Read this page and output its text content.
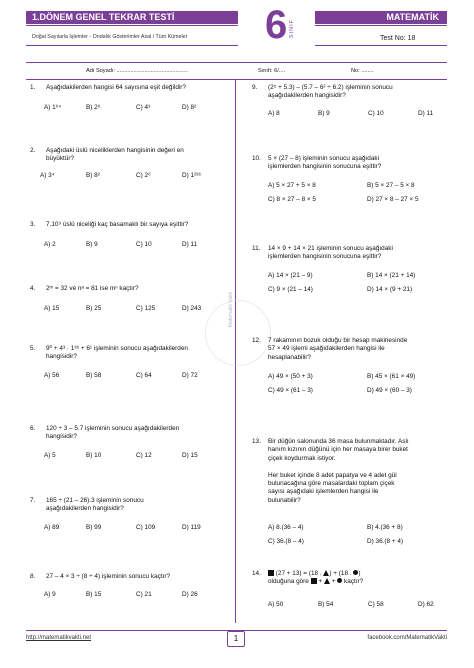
1.DÖNEM GENEL TEKRAR TESTİ
Doğal Sayılarla İşlemler - Ondalık Gösterimler Asal / Tüm Kümeler 6 SINIF
MATEMATİK
Test No: 18
Adı Soyadı: ..............................................	Sınıfı: 6/....	No: ........
Matematik Vakti
1. Aşağıdakilerden hangisi 64 sayısına eşit değildir?
A) 1⁶⁴	B) 2⁶	C) 4³	D) 8²
2. Aşağıdaki üslü niceliklerden hangisinin değeri en
büyüktür?
A) 3⁴	B) 8²	C) 2⁶	D) 1²³⁶
3. 7.10⁹ üslü niceliği kaç basamaklı bir sayıya eşittir?
A) 2	B) 9	C) 10	D) 11
4. 2ᵐ = 32 ve nᵃ = 81 ise mⁿ kaçtır?
A) 15	B) 25	C) 125	D) 243
5. 9⁰ + 4³ · 1³⁶ + 6¹ işleminin sonucu aşağıdakilerden
hangisidir?
A) 56	B) 58	C) 64	D) 72
6. 120 ÷ 3 – 5.7 işleminin sonucu aşağıdakilerden
hangisidir?
A) 5	B) 10	C) 12	D) 15
7. 165 ÷ (21 – 26).3 işleminin sonucu
aşağıdakilerden hangisidir?
A) 89	B) 99	C) 109	D) 119
8. 27 – 4 × 3 ÷ (8 ÷ 4) işleminin sonucu kaçtır?
A) 9	B) 15	C) 21	D) 26
9. (2⁵ + 5.3) – (5.7 – 6² ÷ 6.2) işleminin sonucu
aşağıdakilerden hangisidir?
A) 8	B) 9	C) 10	D) 11
10. 5 × (27 – 8) işleminin sonucu aşağıdaki
işlemlerden hangisinin sonucuna eşittir?
A) 5 × 27 + 5 × 8	B) 5 × 27 – 5 × 8
C) 8 × 27 – 8 × 5	D) 27 × 8 – 27 × 5
11. 14 × 9 + 14 × 21 işleminin sonucu aşağıdaki
işlemlerden hangisinin sonucuna eşittir?
A) 14 × (21 – 9)	B) 14 × (21 + 14)
C) 9 × (21 – 14)	D) 14 × (9 + 21)
12. 7 rakamının bozuk olduğu bir hesap makinesinde
57 × 49 işlemi aşağıdakilerden hangisi ile
hesaplanabilir?
A) 49 × (50 + 3)	B) 45 × (61 × 49)
C) 49 × (61 – 3)	D) 49 × (60 – 3)
13. Bir düğün salonunda 36 masa bulunmaktadır. Aslı
hanım kızının düğünü için her masaya birer buket
çiçek koydurmak istiyor.
Her buket içinde 8 adet papatya ve 4 adet gül
bulunacağına göre masalardaki toplam çiçek
sayısı aşağıdaki işlemlerden hangisi ile
bulunabilir?
A) 8.(36 – 4)	B) 4.(36 + 8)
C) 36.(8 – 4)	D) 36.(8 + 4)
14.	(27 + 13) = (18 . ) + (18 . )
olduğuna göre  +  +  kaçtır?
A) 50	B) 54	C) 58	D) 62
http://matematikvakti.net	1	facebook.com/MatematikVakti
